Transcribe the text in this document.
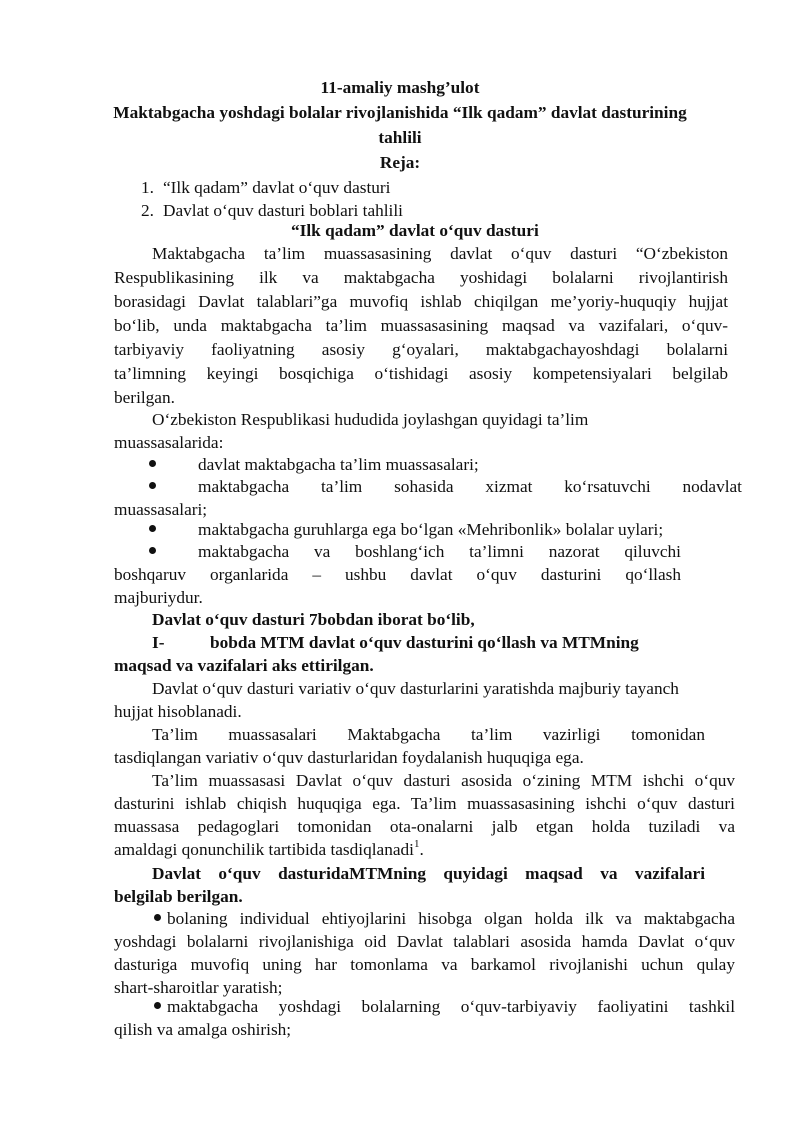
11-amaliy mashg’ulot
Maktabgacha yoshdagi bolalar rivojlanishida “Ilk qadam” davlat dasturining
tahlili
Reja:
1. “Ilk qadam” davlat o‘quv dasturi
2. Davlat o‘quv dasturi boblari tahlili
“Ilk qadam” davlat o‘quv dasturi
Maktabgacha ta’lim muassasasining davlat o‘quv dasturi “O‘zbekiston
Respublikasining ilk va maktabgacha yoshidagi bolalarni rivojlantirish
borasidagi Davlat talablari”ga muvofiq ishlab chiqilgan me’yoriy-huquqiy hujjat
bo‘lib, unda maktabgacha ta’lim muassasasining maqsad va vazifalari, o‘quv-
tarbiyaviy faoliyatning asosiy g‘oyalari, maktabgachayoshdagi bolalarni
ta’limning keyingi bosqichiga o‘tishidagi asosiy kompetensiyalari belgilab
berilgan.
O‘zbekiston Respublikasi hududida joylashgan quyidagi ta’lim
muassasalarida:
davlat maktabgacha ta’lim muassasalari;
maktabgacha ta’lim sohasida xizmat ko‘rsatuvchi nodavlat
muassasalari;
maktabgacha guruhlarga ega bo‘lgan «Mehribonlik» bolalar uylari;
maktabgacha va boshlang‘ich ta’limni nazorat qiluvchi
boshqaruv organlarida – ushbu davlat o‘quv dasturini qo‘llash
majburiydur.
Davlat o‘quv dasturi 7bobdan iborat bo‘lib,
I-	bobda MTM davlat o‘quv dasturini qo‘llash va MTMning
maqsad va vazifalari aks ettirilgan.
Davlat o‘quv dasturi variativ o‘quv dasturlarini yaratishda majburiy tayanch
hujjat hisoblanadi.
Ta’lim muassasalari Maktabgacha ta’lim vazirligi tomonidan
tasdiqlangan variativ o‘quv dasturlaridan foydalanish huquqiga ega.
Ta’lim muassasasi Davlat o‘quv dasturi asosida o‘zining MTM ishchi o‘quv
dasturini ishlab chiqish huquqiga ega. Ta’lim muassasasining ishchi o‘quv dasturi
muassasa pedagoglari tomonidan ota-onalarni jalb etgan holda tuziladi va
amaldagi qonunchilik tartibida tasdiqlanadi$^1$.
Davlat o‘quv dasturidaMTMning quyidagi maqsad va vazifalari
belgilab berilgan.
bolaning individual ehtiyojlarini hisobga olgan holda ilk va maktabgacha
yoshdagi bolalarni rivojlanishiga oid Davlat talablari asosida hamda Davlat o‘quv
dasturiga muvofiq uning har tomonlama va barkamol rivojlanishi uchun qulay
shart-sharoitlar yaratish;
maktabgacha yoshdagi bolalarning o‘quv-tarbiyaviy faoliyatini tashkil
qilish va amalga oshirish;
